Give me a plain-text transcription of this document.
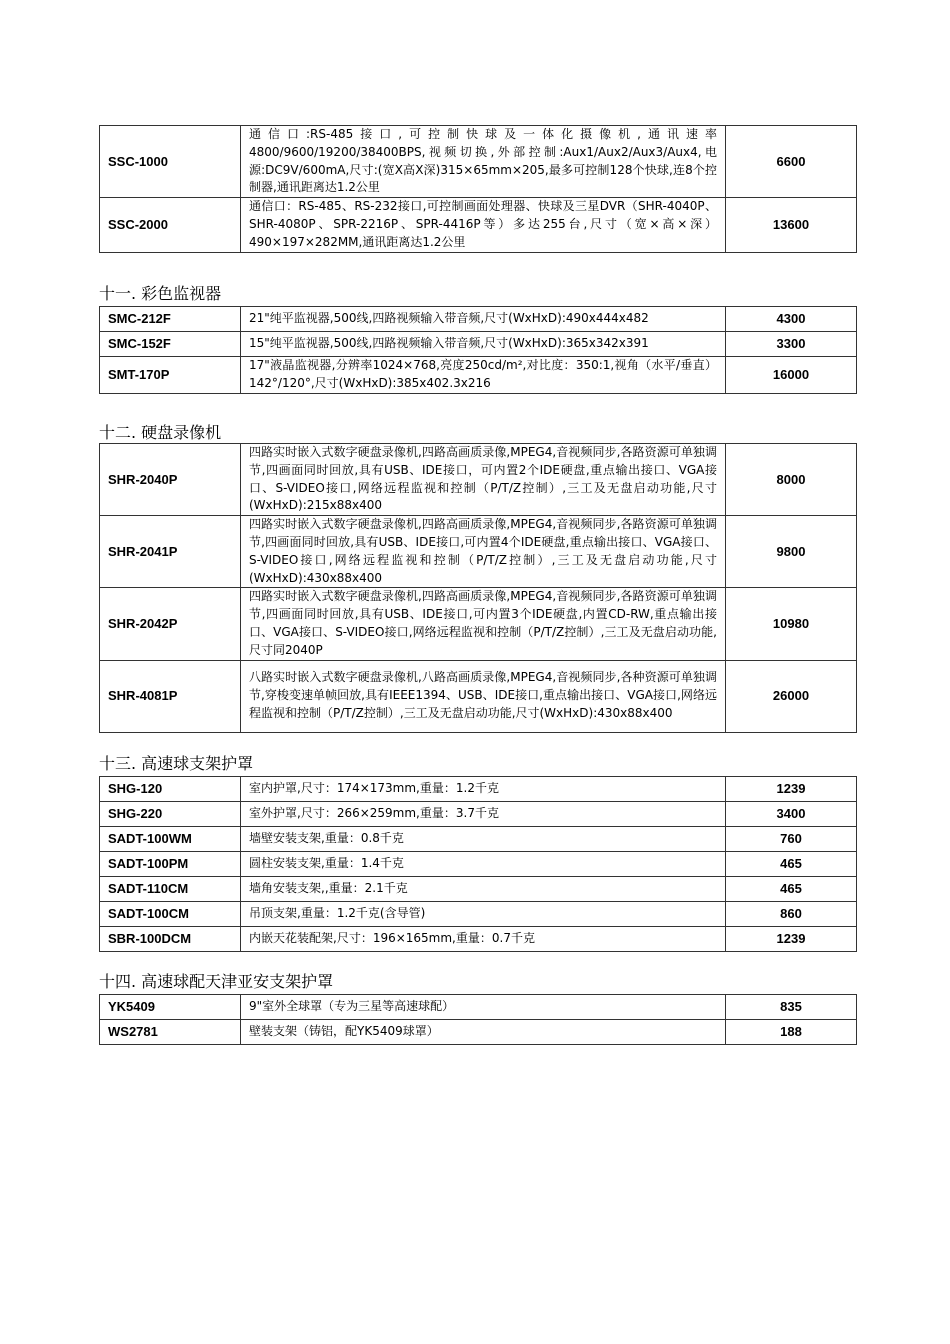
SSC-1000	通信口:RS-485接口,可控制快球及一体化摄像机,通讯速率4800/9600/19200/38400BPS,视频切换,外部控制:Aux1/Aux2/Aux3/Aux4,电源:DC9V/600mA,尺寸:(宽X高X深)315×65mm×205,最多可控制128个快球,连8个控制器,通讯距离达1.2公里	6600
SSC-2000	通信口：RS-485、RS-232接口,可控制画面处理器、快球及三星DVR（SHR-4040P、SHR-4080P、SPR-2216P、SPR-4416P等）多达255台,尺寸（宽×高×深）490×197×282MM,通讯距离达1.2公里	13600
十一. 彩色监视器
SMC-212F	21"纯平监视器,500线,四路视频输入带音频,尺寸(WxHxD):490x444x482	4300
SMC-152F	15"纯平监视器,500线,四路视频输入带音频,尺寸(WxHxD):365x342x391	3300
SMT-170P	17"液晶监视器,分辨率1024×768,亮度250cd/m²,对比度：350:1,视角（水平/垂直）142°/120°,尺寸(WxHxD):385x402.3x216	16000
十二. 硬盘录像机
SHR-2040P	四路实时嵌入式数字硬盘录像机,四路高画质录像,MPEG4,音视频同步,各路资源可单独调节,四画面同时回放,具有USB、IDE接口，可内置2个IDE硬盘,重点输出接口、VGA接口、S-VIDEO接口,网络远程监视和控制（P/T/Z控制）,三工及无盘启动功能,尺寸(WxHxD):215x88x400	8000
SHR-2041P	四路实时嵌入式数字硬盘录像机,四路高画质录像,MPEG4,音视频同步,各路资源可单独调节,四画面同时回放,具有USB、IDE接口,可内置4个IDE硬盘,重点输出接口、VGA接口、S-VIDEO接口,网络远程监视和控制（P/T/Z控制）,三工及无盘启动功能,尺寸(WxHxD):430x88x400	9800
SHR-2042P	四路实时嵌入式数字硬盘录像机,四路高画质录像,MPEG4,音视频同步,各路资源可单独调节,四画面同时回放,具有USB、IDE接口,可内置3个IDE硬盘,内置CD-RW,重点输出接口、VGA接口、S-VIDEO接口,网络远程监视和控制（P/T/Z控制）,三工及无盘启动功能,尺寸同2040P	10980
SHR-4081P	八路实时嵌入式数字硬盘录像机,八路高画质录像,MPEG4,音视频同步,各种资源可单独调节,穿梭变速单帧回放,具有IEEE1394、USB、IDE接口,重点输出接口、VGA接口,网络远程监视和控制（P/T/Z控制）,三工及无盘启动功能,尺寸(WxHxD):430x88x400	26000
十三. 高速球支架护罩
SHG-120	室内护罩,尺寸：174×173mm,重量：1.2千克	1239
SHG-220	室外护罩,尺寸：266×259mm,重量：3.7千克	3400
SADT-100WM	墙壁安装支架,重量：0.8千克	760
SADT-100PM	圆柱安装支架,重量：1.4千克	465
SADT-110CM	墙角安装支架,,重量：2.1千克	465
SADT-100CM	吊顶支架,重量：1.2千克(含导管)	860
SBR-100DCM	内嵌天花装配架,尺寸：196×165mm,重量：0.7千克	1239
十四. 高速球配天津亚安支架护罩
YK5409	9"室外全球罩（专为三星等高速球配）	835
WS2781	壁装支架（铸铝，配YK5409球罩）	188
